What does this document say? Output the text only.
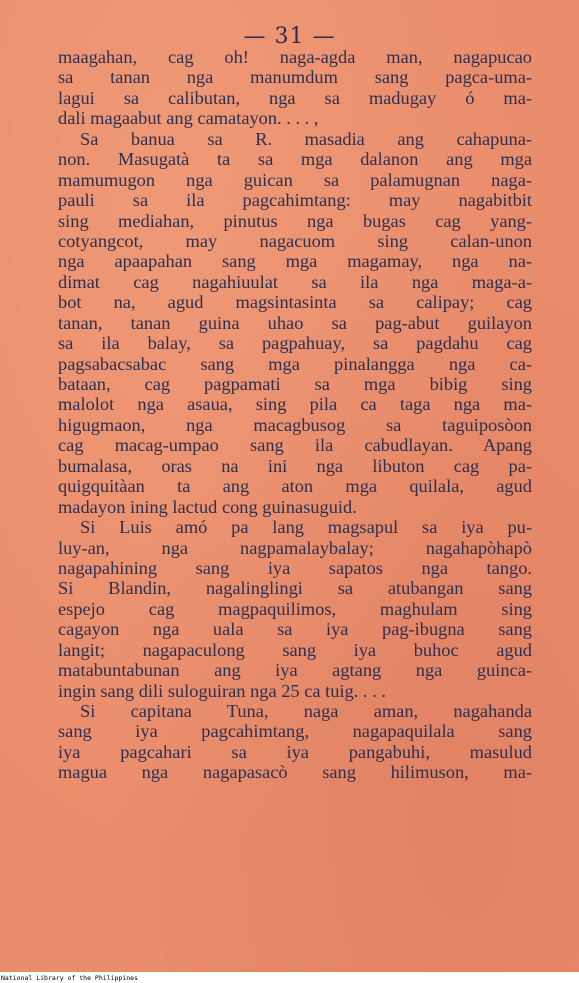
— 31 —
maagahan, cag oh! naga-agda man, nagapucao
sa tanan nga manumdum sang pagca-uma-
lagui sa calibutan, nga sa madugay ó ma-
dali magaabut ang camatayon. . . . ,
Sa banua sa R. masadia ang cahapuna-
non. Masugatà ta sa mga dalanon ang mga
mamumugon nga guican sa palamugnan naga-
pauli sa ila pagcahimtang: may nagabitbit
sing mediahan, pinutus nga bugas cag yang-
cotyangcot, may nagacuom sing calan-unon
nga apaapahan sang mga magamay, nga na-
dimat cag nagahiuulat sa ila nga maga-a-
bot na, agud magsintasinta sa calipay; cag
tanan, tanan guina uhao sa pag-abut guilayon
sa ila balay, sa pagpahuay, sa pagdahu cag
pagsabacsabac sang mga pinalangga nga ca-
bataan, cag pagpamati sa mga bibig sing
malolot nga asaua, sing pila ca taga nga ma-
higugmaon, nga macagbusog sa taguiposòon
cag macag-umpao sang ila cabudlayan. Apang
bumalasa, oras na ini nga libuton cag pa-
quigquitàan ta ang aton mga quilala, agud
madayon ining lactud cong guinasuguid.
Si Luis amó pa lang magsapul sa iya pu-
luy-an, nga nagpamalaybalay; nagahapòhapò
nagapahining sang iya sapatos nga tango.
Si Blandin, nagalinglingi sa atubangan sang
espejo cag magpaquilimos, maghulam sing
cagayon nga uala sa iya pag-ibugna sang
langit; nagapaculong sang iya buhoc agud
matabuntabunan ang iya agtang nga guinca-
ingin sang dili suloguiran nga 25 ca tuig. . . .
Si capitana Tuna, naga aman, nagahanda
sang iya pagcahimtang, nagapaquilala sang
iya pagcahari sa iya pangabuhi, masulud
magua nga nagapasacò sang hilimuson, ma-
National Library of the Philippines
